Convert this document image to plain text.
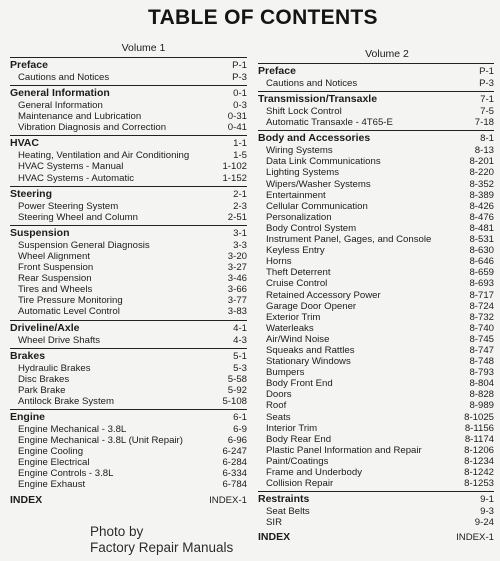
TABLE OF CONTENTS
Volume 1
Preface	P-1
Cautions and Notices	P-3
General Information	0-1
General Information	0-3
Maintenance and Lubrication	0-31
Vibration Diagnosis and Correction	0-41
HVAC	1-1
Heating, Ventilation and Air Conditioning	1-5
HVAC Systems - Manual	1-102
HVAC Systems - Automatic	1-152
Steering	2-1
Power Steering System	2-3
Steering Wheel and Column	2-51
Suspension	3-1
Suspension General Diagnosis	3-3
Wheel Alignment	3-20
Front Suspension	3-27
Rear Suspension	3-46
Tires and Wheels	3-66
Tire Pressure Monitoring	3-77
Automatic Level Control	3-83
Driveline/Axle	4-1
Wheel Drive Shafts	4-3
Brakes	5-1
Hydraulic Brakes	5-3
Disc Brakes	5-58
Park Brake	5-92
Antilock Brake System	5-108
Engine	6-1
Engine Mechanical - 3.8L	6-9
Engine Mechanical - 3.8L (Unit Repair)	6-96
Engine Cooling	6-247
Engine Electrical	6-284
Engine Controls - 3.8L	6-334
Engine Exhaust	6-784
INDEX	INDEX-1
Volume 2
Preface	P-1
Cautions and Notices	P-3
Transmission/Transaxle	7-1
Shift Lock Control	7-5
Automatic Transaxle - 4T65-E	7-18
Body and Accessories	8-1
Wiring Systems	8-13
Data Link Communications	8-201
Lighting Systems	8-220
Wipers/Washer Systems	8-352
Entertainment	8-389
Cellular Communication	8-426
Personalization	8-476
Body Control System	8-481
Instrument Panel, Gages, and Console	8-531
Keyless Entry	8-630
Horns	8-646
Theft Deterrent	8-659
Cruise Control	8-693
Retained Accessory Power	8-717
Garage Door Opener	8-724
Exterior Trim	8-732
Waterleaks	8-740
Air/Wind Noise	8-745
Squeaks and Rattles	8-747
Stationary Windows	8-748
Bumpers	8-793
Body Front End	8-804
Doors	8-828
Roof	8-989
Seats	8-1025
Interior Trim	8-1156
Body Rear End	8-1174
Plastic Panel Information and Repair	8-1206
Paint/Coatings	8-1234
Frame and Underbody	8-1242
Collision Repair	8-1253
Restraints	9-1
Seat Belts	9-3
SIR	9-24
INDEX	INDEX-1
Photo by
Factory Repair Manuals
